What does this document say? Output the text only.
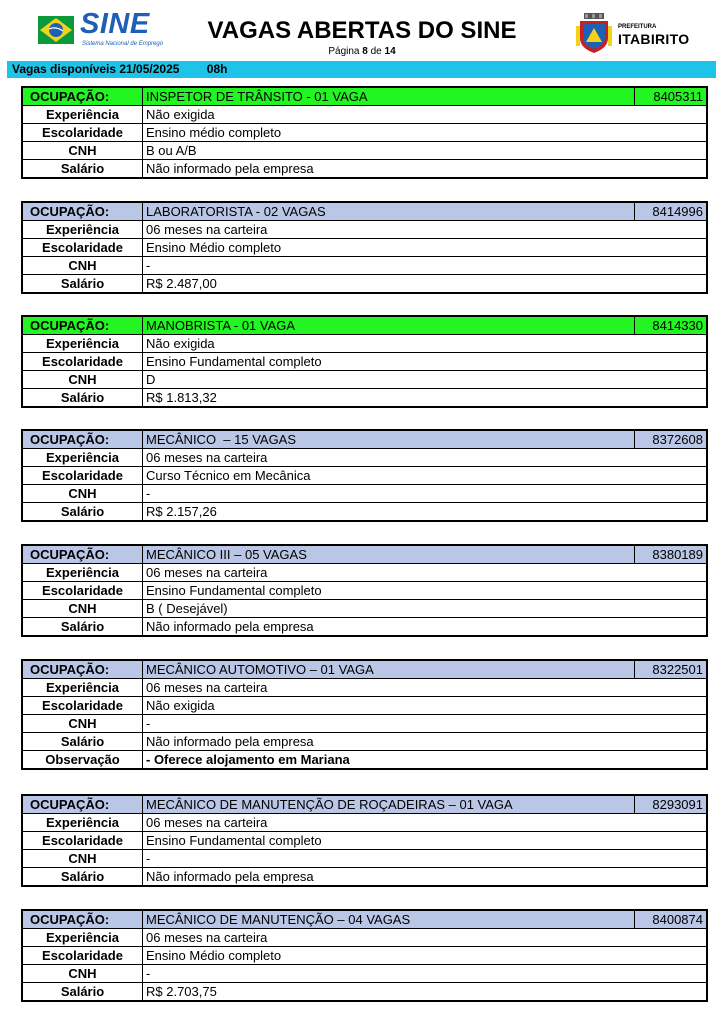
SINE
Sistema Nacional de Emprego	VAGAS ABERTAS DO SINE
Página 8 de 14
PREFEITURA
ITABIRITO
Vagas disponíveis 21/05/2025 08h
OCUPAÇÃO:	INSPETOR DE TRÂNSITO - 01 VAGA	8405311
Experiência	Não exigida	
Escolaridade	Ensino médio completo	
CNH	B ou A/B	
Salário	Não informado pela empresa	
OCUPAÇÃO:	LABORATORISTA - 02 VAGAS	8414996
Experiência	06 meses na carteira	
Escolaridade	Ensino Médio completo	
CNH	-	
Salário	R$ 2.487,00	
OCUPAÇÃO:	MANOBRISTA - 01 VAGA	8414330
Experiência	Não exigida	
Escolaridade	Ensino Fundamental completo	
CNH	D	
Salário	R$ 1.813,32	
OCUPAÇÃO:	MECÂNICO  – 15 VAGAS	8372608
Experiência	06 meses na carteira	
Escolaridade	Curso Técnico em Mecânica	
CNH	-	
Salário	R$ 2.157,26	
OCUPAÇÃO:	MECÂNICO III – 05 VAGAS	8380189
Experiência	06 meses na carteira	
Escolaridade	Ensino Fundamental completo	
CNH	B ( Desejável)	
Salário	Não informado pela empresa	
OCUPAÇÃO:	MECÂNICO AUTOMOTIVO – 01 VAGA	8322501
Experiência	06 meses na carteira	
Escolaridade	Não exigida	
CNH	-	
Salário	Não informado pela empresa	
Observação	- Oferece alojamento em Mariana	
OCUPAÇÃO:	MECÂNICO DE MANUTENÇÃO DE ROÇADEIRAS – 01 VAGA	8293091
Experiência	06 meses na carteira	
Escolaridade	Ensino Fundamental completo	
CNH	-	
Salário	Não informado pela empresa	
OCUPAÇÃO:	MECÂNICO DE MANUTENÇÃO – 04 VAGAS	8400874
Experiência	06 meses na carteira	
Escolaridade	Ensino Médio completo	
CNH	-	
Salário	R$ 2.703,75	
